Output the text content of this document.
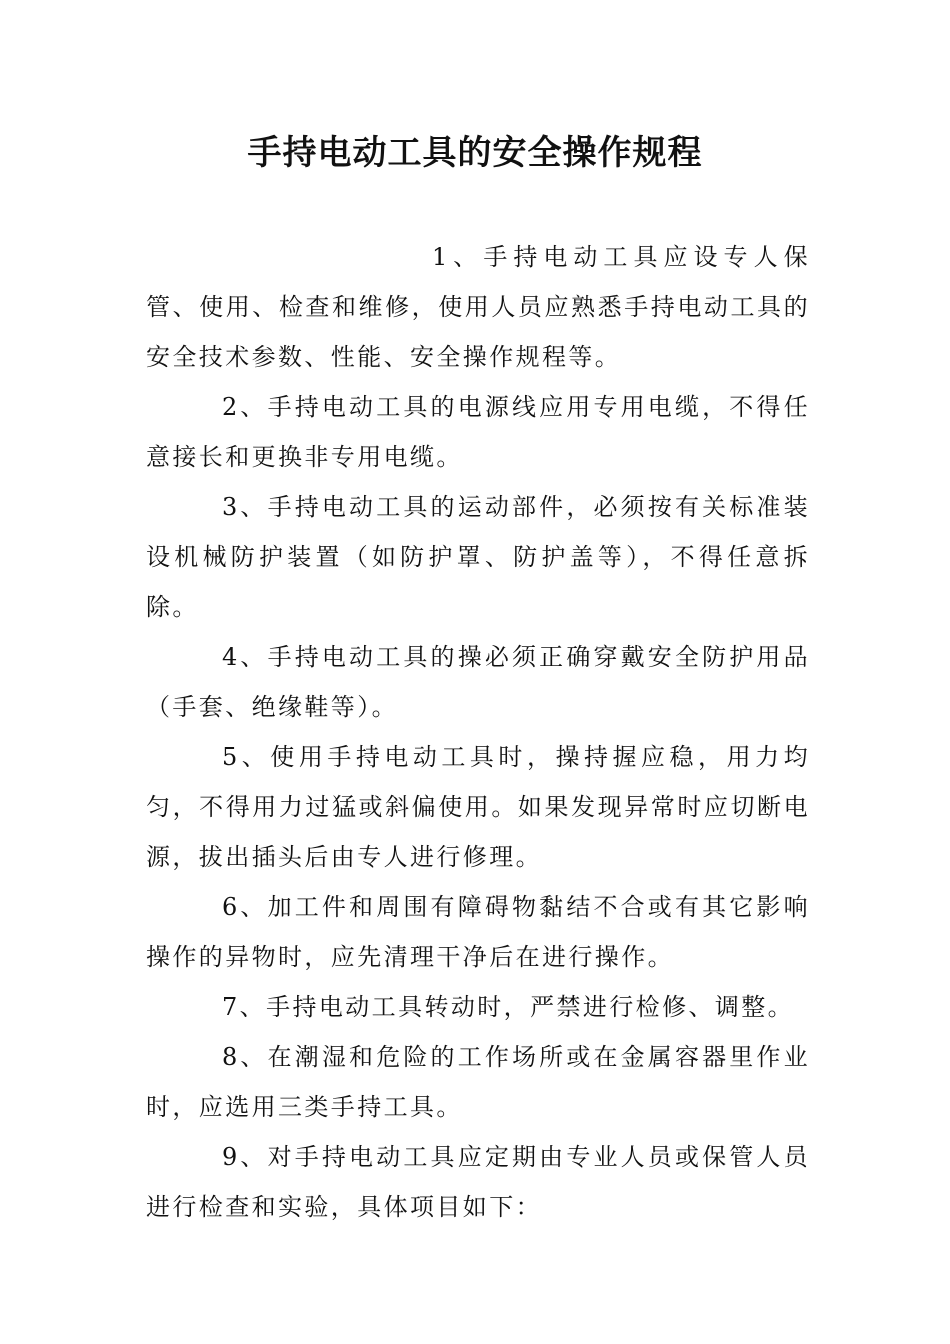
手持电动工具的安全操作规程

1、手持电动工具应设专人保管、使用、检查和维修，使用人员应熟悉手持电动工具的安全技术参数、性能、安全操作规程等。

2、手持电动工具的电源线应用专用电缆，不得任意接长和更换非专用电缆。

3、手持电动工具的运动部件，必须按有关标准装设机械防护装置（如防护罩、防护盖等），不得任意拆除。

4、手持电动工具的操必须正确穿戴安全防护用品（手套、绝缘鞋等）。

5、使用手持电动工具时，操持握应稳，用力均匀，不得用力过猛或斜偏使用。如果发现异常时应切断电源，拔出插头后由专人进行修理。

6、加工件和周围有障碍物黏结不合或有其它影响操作的异物时，应先清理干净后在进行操作。

7、手持电动工具转动时，严禁进行检修、调整。

8、在潮湿和危险的工作场所或在金属容器里作业时，应选用三类手持工具。

9、对手持电动工具应定期由专业人员或保管人员进行检查和实验，具体项目如下：
